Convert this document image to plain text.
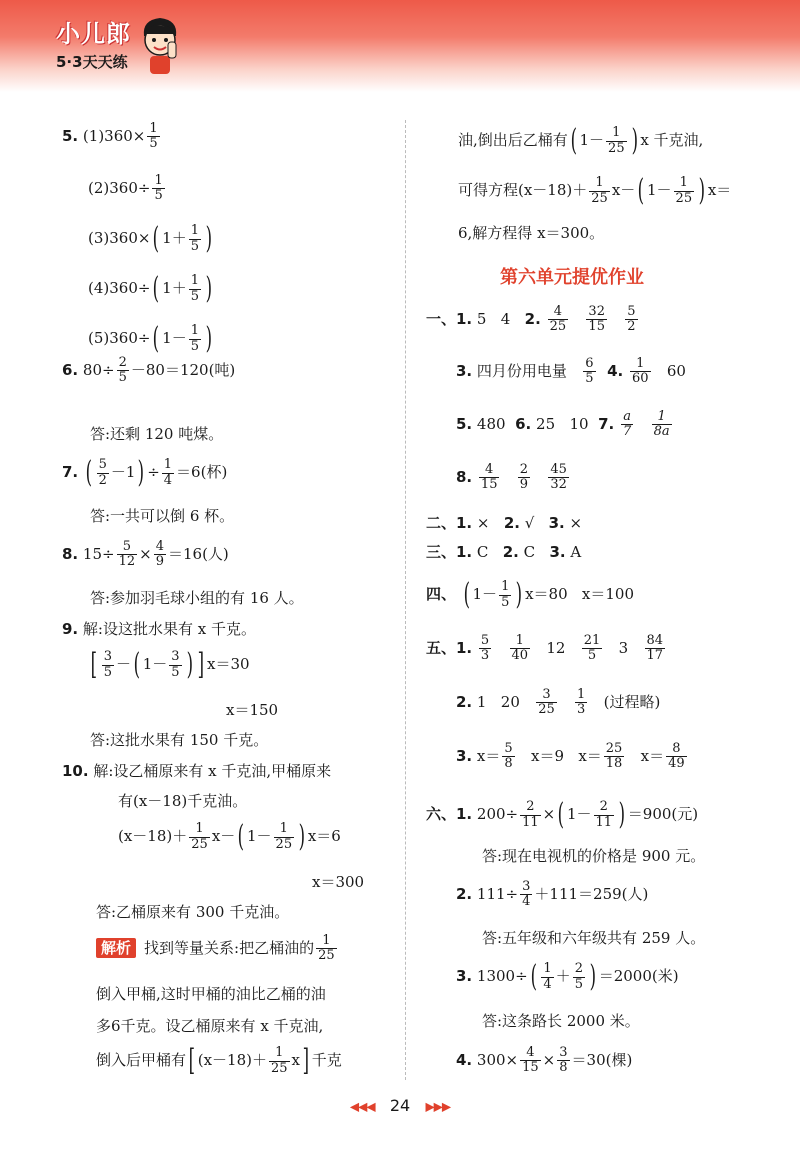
小儿郎
5·3天天练
5. $(1)360\times \frac{1}{5}$
$(2)360\div \frac{1}{5}$
(3)360×( $1+ \frac{1}{5}$ )
(4)360÷( $1+ \frac{1}{5}$ )
(5)360÷( $1- \frac{1}{5}$ )
6. $80\div \frac{2}{5} -80=120$(吨)
答:还剩 120 吨煤。
7. ( $\frac{5}{2} -1) \div \frac{1}{4} =6$(杯)
答:一共可以倒 6 杯。
8. $15\div \frac{5}{12} \times \frac{4}{9} =16$(人)
答:参加羽毛球小组的有 16 人。
9. 解:设这批水果有 x 千克。
[ $\frac{3}{5}$ －( $1- \frac{3}{5}$ ) ] x＝30
x＝150
答:这批水果有 150 千克。
10. 解:设乙桶原来有 x 千克油,甲桶原来
有(x－18)千克油。
$(x-18)+ \frac{1}{25} x-$( $1- \frac{1}{25}$ ) x＝6
x＝300
答:乙桶原来有 300 千克油。
解析 找到等量关系:把乙桶油的 $\frac{1}{25}$
倒入甲桶,这时甲桶的油比乙桶的油
多6千克。设乙桶原来有 x 千克油,
倒入后甲桶有[ $(x-18)+ \frac{1}{25} x$] 千克
油,倒出后乙桶有( $1- \frac{1}{25}$ ) x 千克油,
可得方程$(x-18)+ \frac{1}{25} x-$( $1- \frac{1}{25}$ ) x＝
6,解方程得 x＝300。
第六单元提优作业
一、1. 5 4 2. $\frac{4}{25}$
$\frac{32}{15}$
$\frac{5}{2}$
3. 四月份用电量 $\frac{6}{5} 4$. $\frac{1}{60} 60$
5. 480 6. 25 10 7. $\frac{a}{7}$
$\frac{1}{8a}$
8. $\frac{4}{15}$
$\frac{2}{9}$
$\frac{45}{32}$
二、1. × 2. √ 3. ×
三、1. C 2. C 3. A
四、 ( $1- \frac{1}{5}$ ) x＝80 x＝100
五、1. $\frac{5}{3}$
$\frac{1}{40} 12 \frac{21}{5} 3 \frac{84}{17}$
2. 1 $20 \frac{3}{25}$
$\frac{1}{3}$ (过程略)
3. $x= \frac{5}{8} x=9$ $x= \frac{25}{18} x= \frac{8}{49}$
六、1. $200\div \frac{2}{11}$ ×( $1- \frac{2}{11}$ ) ＝900(元)
答:现在电视机的价格是 900 元。
2. $111\div \frac{3}{4} +111=259$(人)
答:五年级和六年级共有 259 人。
3. $1300\div( \frac{1}{4} + \frac{2}{5}$ ) ＝2000(米)
答:这条路长 2000 米。
4. $300\times \frac{4}{15} \times \frac{3}{8} =30$(棵)
◀◀◀ 24 ▶▶▶
